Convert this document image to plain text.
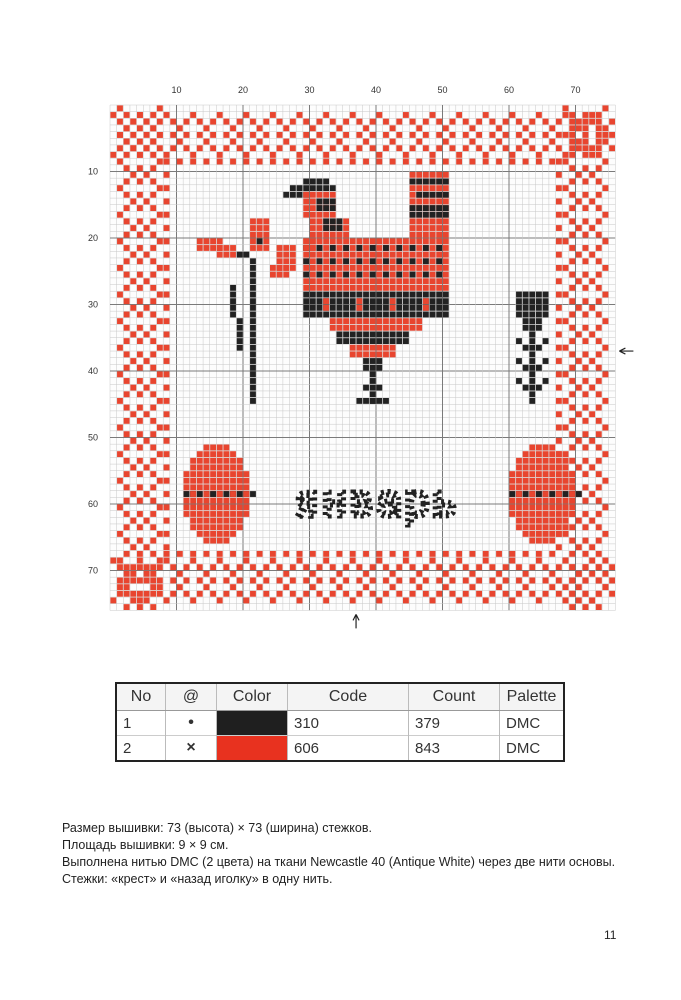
10	20	30	40	50	60	70
10
20
30
40
50
60
70
январь
No	@	Color	Code	Count	Palette
1	•		310	379	DMC
2	×		606	843	DMC

Размер вышивки: 73 (высота) × 73 (ширина) стежков.

Площадь вышивки: 9 × 9 см.

Выполнена нитью DMC (2 цвета) на ткани Newcastle 40 (Antique White) через две нити основы.

Стежки: «крест» и «назад иголку» в одну нить.

11
